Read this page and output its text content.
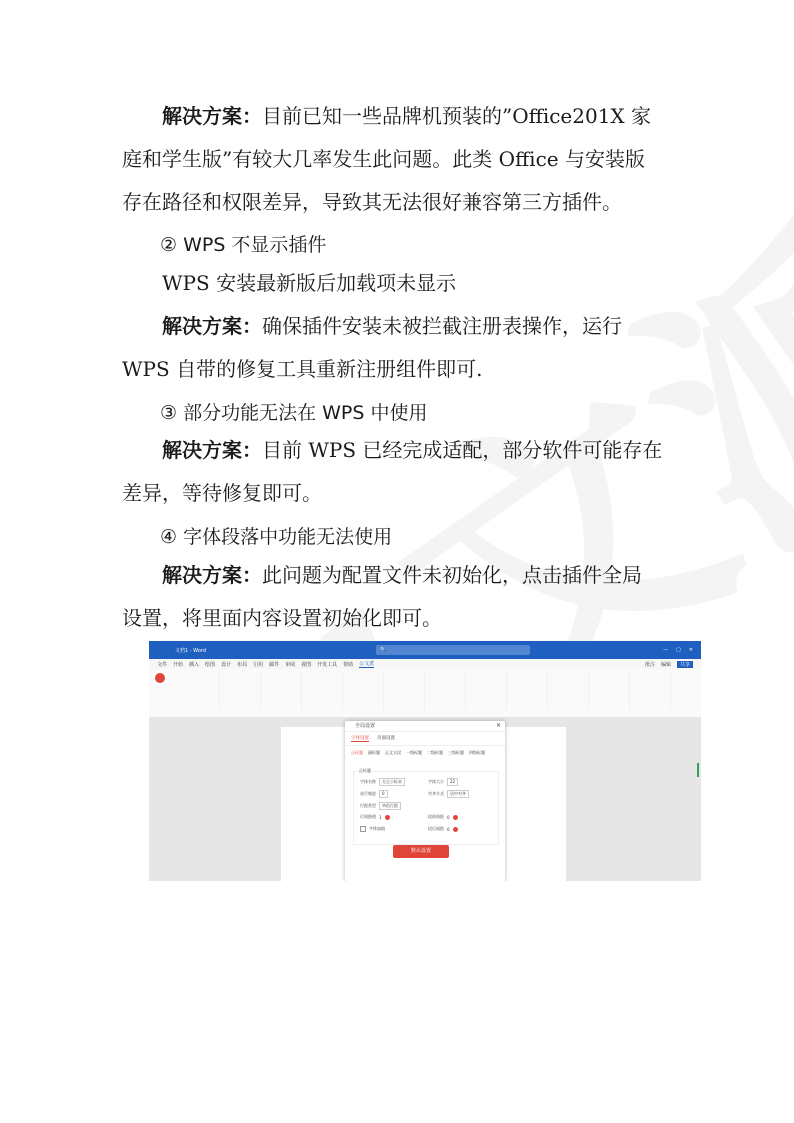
解决方案：目前已知一些品牌机预装的”Office201X 家
庭和学生版”有较大几率发生此问题。此类 Office 与安装版
存在路径和权限差异，导致其无法很好兼容第三方插件。
② WPS 不显示插件
WPS 安装最新版后加载项未显示
解决方案：确保插件安装未被拦截注册表操作，运行
WPS 自带的修复工具重新注册组件即可.
③ 部分功能无法在 WPS 中使用
解决方案：目前 WPS 已经完成适配，部分软件可能存在
差异，等待修复即可。
④ 字体段落中功能无法使用
解决方案：此问题为配置文件未初始化，点击插件全局
设置，将里面内容设置初始化即可。
文档1 - Word	🔍	— ▢ ✕
文件 开始 插入 绘图 设计 布局 引用 邮件 审阅 视图 开发工具 帮助 公文派	批注 编辑	共享
全局设置	×
字体设置 页面设置
正标题 副标题 正文方段 一级标题 二级标题 三级标题 四级标题
正标题
字体名称	方正小标宋	字体大小	22
首行缩进	0	对齐方式	居中对齐
行距类型	单倍行距
行间距值 1	段前间距 0
字体加粗	段后间距 0
默认设置
